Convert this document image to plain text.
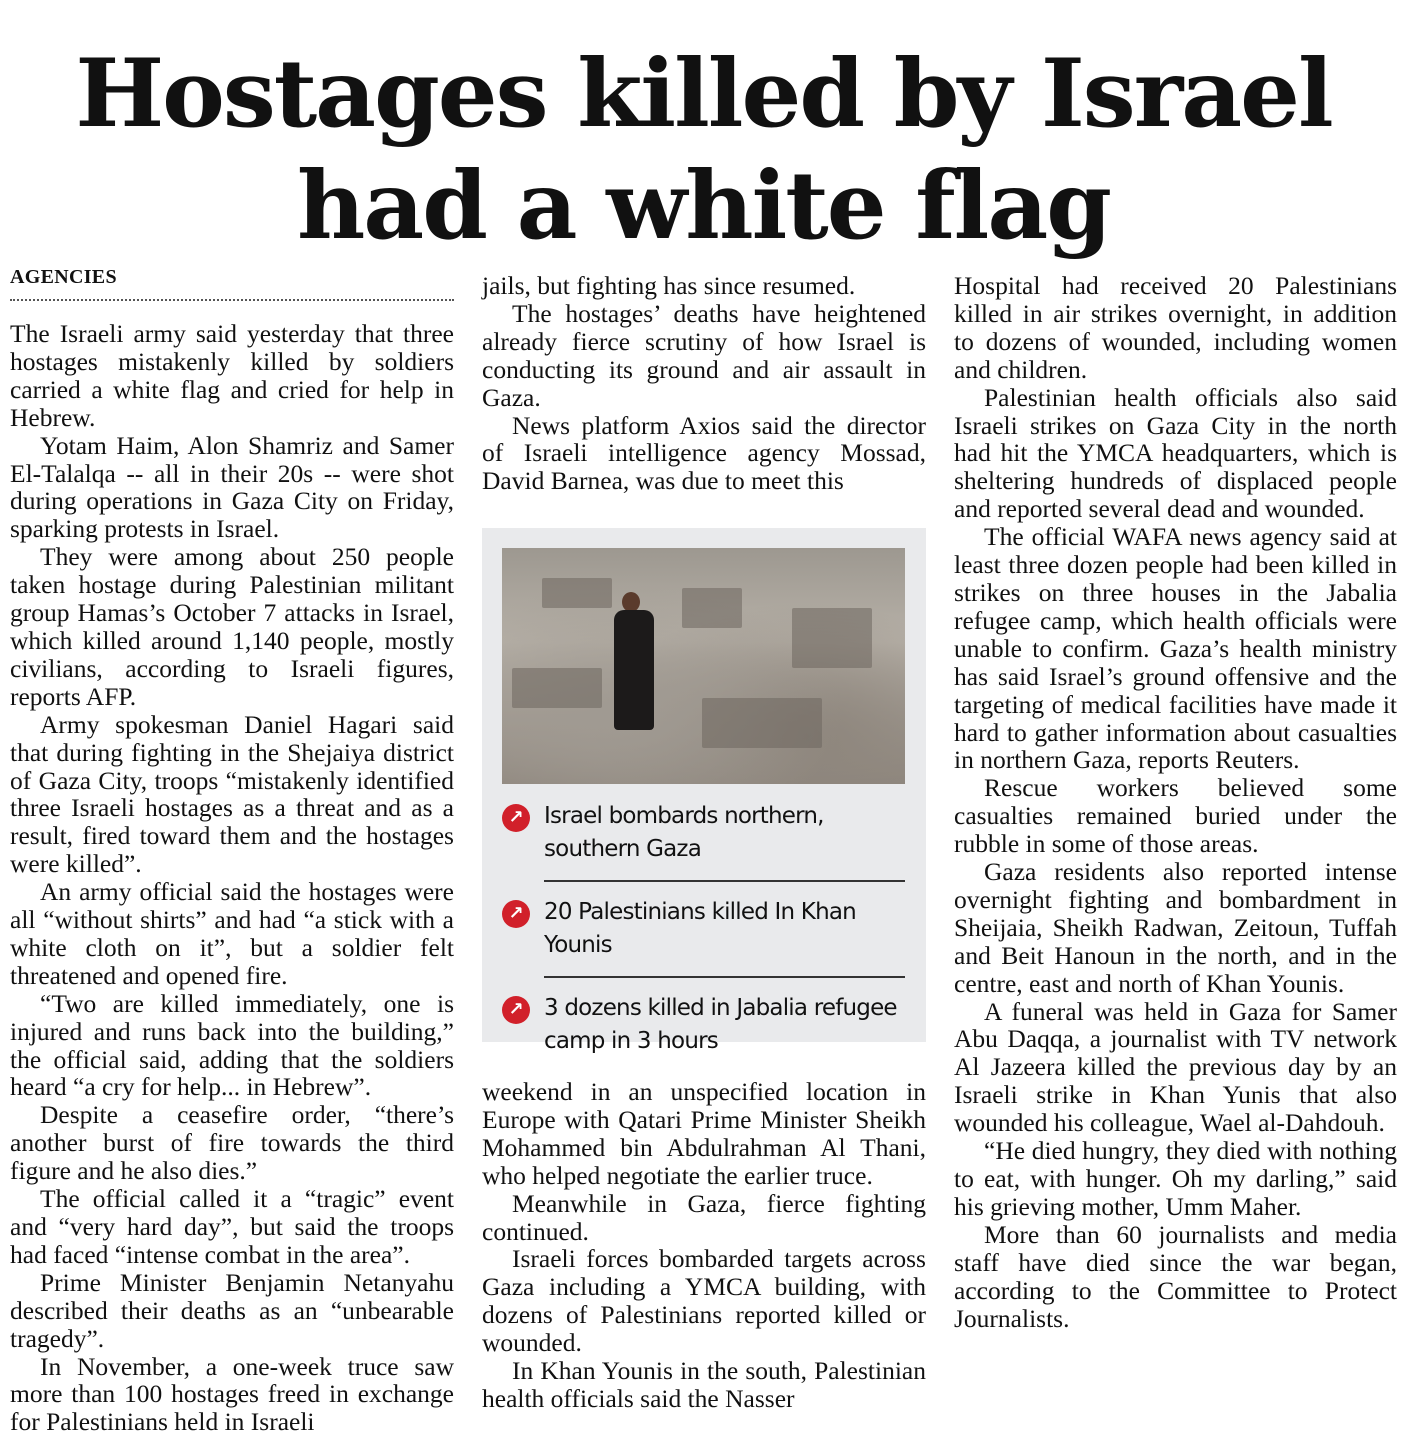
Hostages killed by Israel
had a white flag
AGENCIES

The Israeli army said yesterday that three hostages mistakenly killed by soldiers carried a white flag and cried for help in Hebrew.

Yotam Haim, Alon Shamriz and Samer El-Talalqa -- all in their 20s -- were shot during operations in Gaza City on Friday, sparking protests in Israel.

They were among about 250 people taken hostage during Palestinian militant group Hamas’s October 7 attacks in Israel, which killed around 1,140 people, mostly civilians, according to Israeli figures, reports AFP.

Army spokesman Daniel Hagari said that during fighting in the Shejaiya district of Gaza City, troops “mistakenly identified three Israeli hostages as a threat and as a result, fired toward them and the hostages were killed”.

An army official said the hostages were all “without shirts” and had “a stick with a white cloth on it”, but a soldier felt threatened and opened fire.

“Two are killed immediately, one is injured and runs back into the building,” the official said, adding that the soldiers heard “a cry for help... in Hebrew”.

Despite a ceasefire order, “there’s another burst of fire towards the third figure and he also dies.”

The official called it a “tragic” event and “very hard day”, but said the troops had faced “intense combat in the area”.

Prime Minister Benjamin Netanyahu described their deaths as an “unbearable tragedy”.

In November, a one-week truce saw more than 100 hostages freed in exchange for Palestinians held in Israeli

jails, but fighting has since resumed.

The hostages’ deaths have heightened already fierce scrutiny of how Israel is conducting its ground and air assault in Gaza.

News platform Axios said the director of Israeli intelligence agency Mossad, David Barnea, was due to meet this

↗ Israel bombards northern, southern Gaza
↗ 20 Palestinians killed In Khan Younis
↗ 3 dozens killed in Jabalia refugee camp in 3 hours

weekend in an unspecified location in Europe with Qatari Prime Minister Sheikh Mohammed bin Abdulrahman Al Thani, who helped negotiate the earlier truce.

Meanwhile in Gaza, fierce fighting continued.

Israeli forces bombarded targets across Gaza including a YMCA building, with dozens of Palestinians reported killed or wounded.

In Khan Younis in the south, Palestinian health officials said the Nasser

Hospital had received 20 Palestinians killed in air strikes overnight, in addition to dozens of wounded, including women and children.

Palestinian health officials also said Israeli strikes on Gaza City in the north had hit the YMCA headquarters, which is sheltering hundreds of displaced people and reported several dead and wounded.

The official WAFA news agency said at least three dozen people had been killed in strikes on three houses in the Jabalia refugee camp, which health officials were unable to confirm. Gaza’s health ministry has said Israel’s ground offensive and the targeting of medical facilities have made it hard to gather information about casualties in northern Gaza, reports Reuters.

Rescue workers believed some casualties remained buried under the rubble in some of those areas.

Gaza residents also reported intense overnight fighting and bombardment in Sheijaia, Sheikh Radwan, Zeitoun, Tuffah and Beit Hanoun in the north, and in the centre, east and north of Khan Younis.

A funeral was held in Gaza for Samer Abu Daqqa, a journalist with TV network Al Jazeera killed the previous day by an Israeli strike in Khan Yunis that also wounded his colleague, Wael al-Dahdouh.

“He died hungry, they died with nothing to eat, with hunger. Oh my darling,” said his grieving mother, Umm Maher.

More than 60 journalists and media staff have died since the war began, according to the Committee to Protect Journalists.
